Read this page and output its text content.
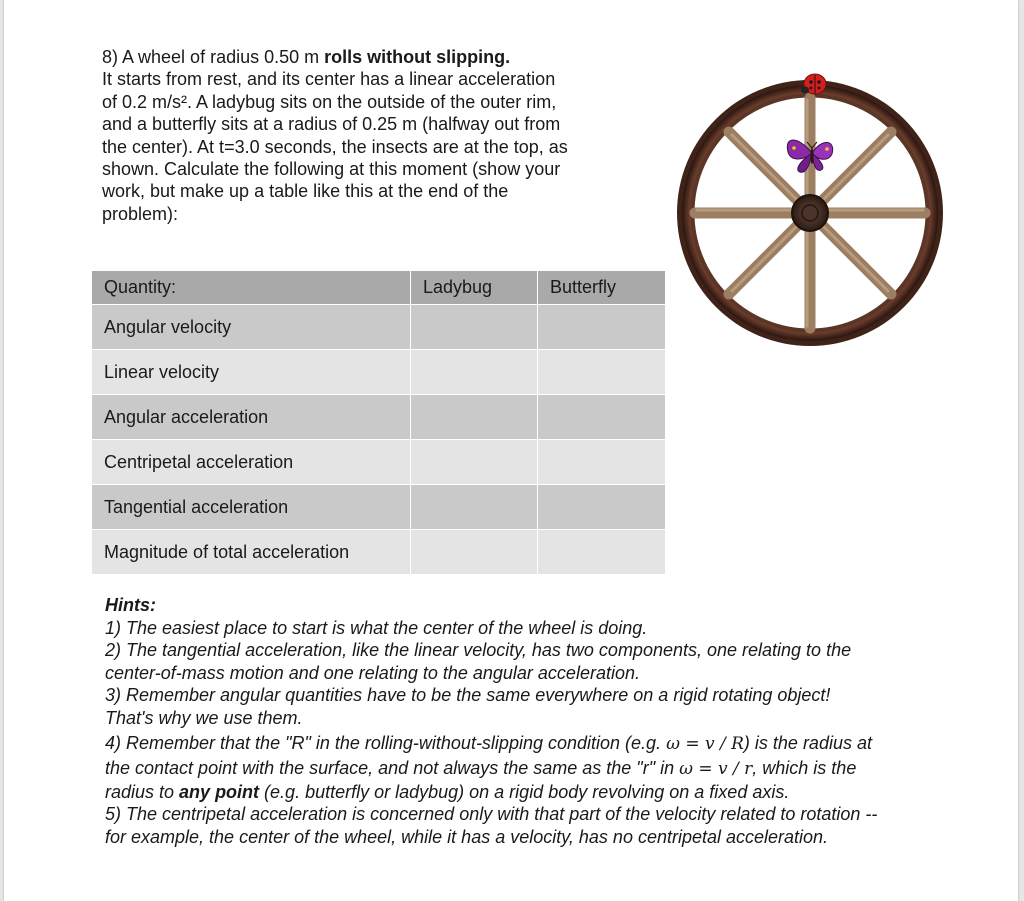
8) A wheel of radius 0.50 m rolls without slipping.
It starts from rest, and its center has a linear acceleration
of 0.2 m/s². A ladybug sits on the outside of the outer rim,
and a butterfly sits at a radius of 0.25 m (halfway out from
the center). At t=3.0 seconds, the insects are at the top, as
shown. Calculate the following at this moment (show your
work, but make up a table like this at the end of the
problem):
Quantity:	Ladybug	Butterfly
Angular velocity		
Linear velocity		
Angular acceleration		
Centripetal acceleration		
Tangential acceleration		
Magnitude of total acceleration		
Hints:
1) The easiest place to start is what the center of the wheel is doing.
2) The tangential acceleration, like the linear velocity, has two components, one relating to the
center-of-mass motion and one relating to the angular acceleration.
3) Remember angular quantities have to be the same everywhere on a rigid rotating object!
That's why we use them.
4) Remember that the "R" in the rolling-without-slipping condition (e.g. ω = v / R) is the radius at
the contact point with the surface, and not always the same as the "r" in ω = v / r, which is the
radius to any point (e.g. butterfly or ladybug) on a rigid body revolving on a fixed axis.
5) The centripetal acceleration is concerned only with that part of the velocity related to rotation --
for example, the center of the wheel, while it has a velocity, has no centripetal acceleration.
